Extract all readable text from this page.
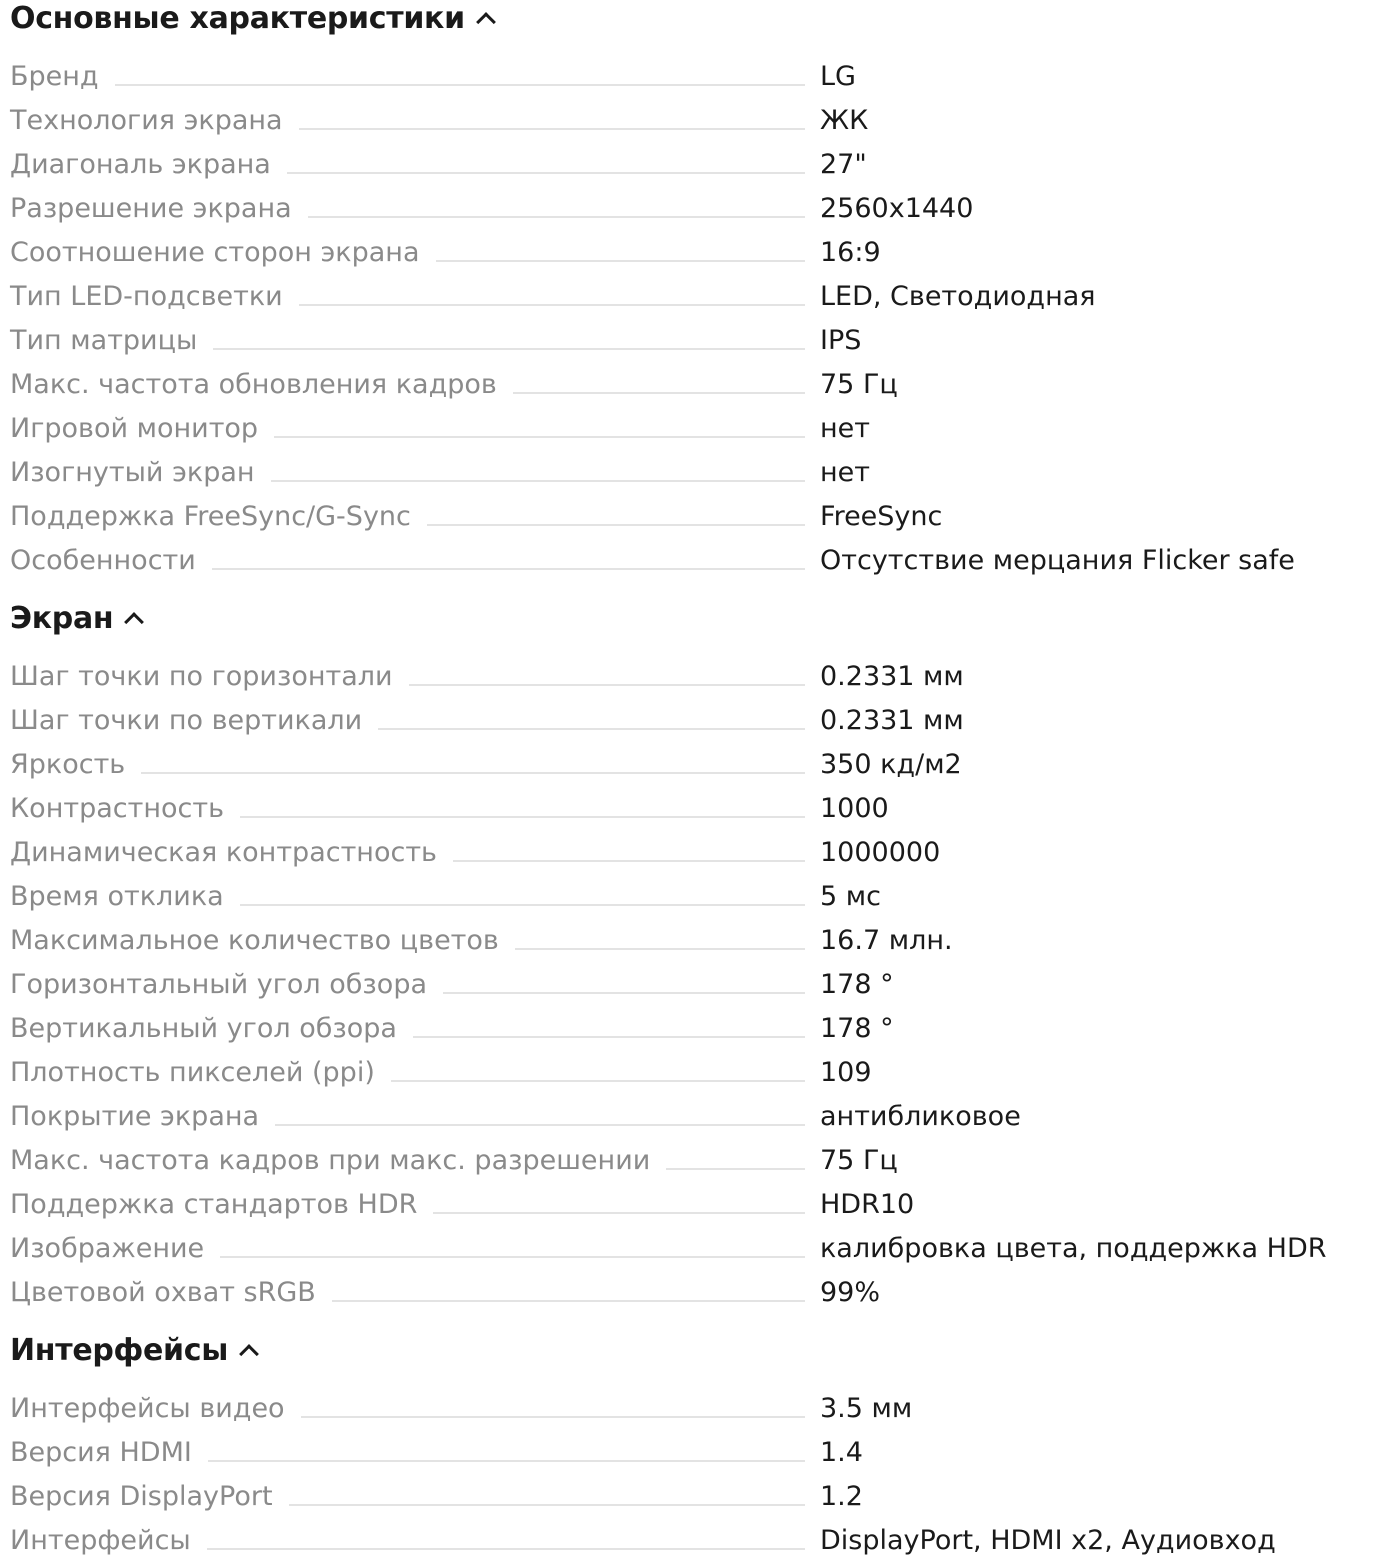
Основные характеристики
Бренд	LG
Технология экрана	ЖК
Диагональ экрана	27"
Разрешение экрана	2560x1440
Соотношение сторон экрана	16:9
Тип LED-подсветки	LED, Светодиодная
Тип матрицы	IPS
Макс. частота обновления кадров	75 Гц
Игровой монитор	нет
Изогнутый экран	нет
Поддержка FreeSync/G-Sync	FreeSync
Особенности	Отсутствие мерцания Flicker safe
Экран
Шаг точки по горизонтали	0.2331 мм
Шаг точки по вертикали	0.2331 мм
Яркость	350 кд/м2
Контрастность	1000
Динамическая контрастность	1000000
Время отклика	5 мс
Максимальное количество цветов	16.7 млн.
Горизонтальный угол обзора	178 °
Вертикальный угол обзора	178 °
Плотность пикселей (ppi)	109
Покрытие экрана	антибликовое
Макс. частота кадров при макс. разрешении	75 Гц
Поддержка стандартов HDR	HDR10
Изображение	калибровка цвета, поддержка HDR
Цветовой охват sRGB	99%
Интерфейсы
Интерфейсы видео	3.5 мм
Версия HDMI	1.4
Версия DisplayPort	1.2
Интерфейсы	DisplayPort, HDMI x2, Аудиовход
